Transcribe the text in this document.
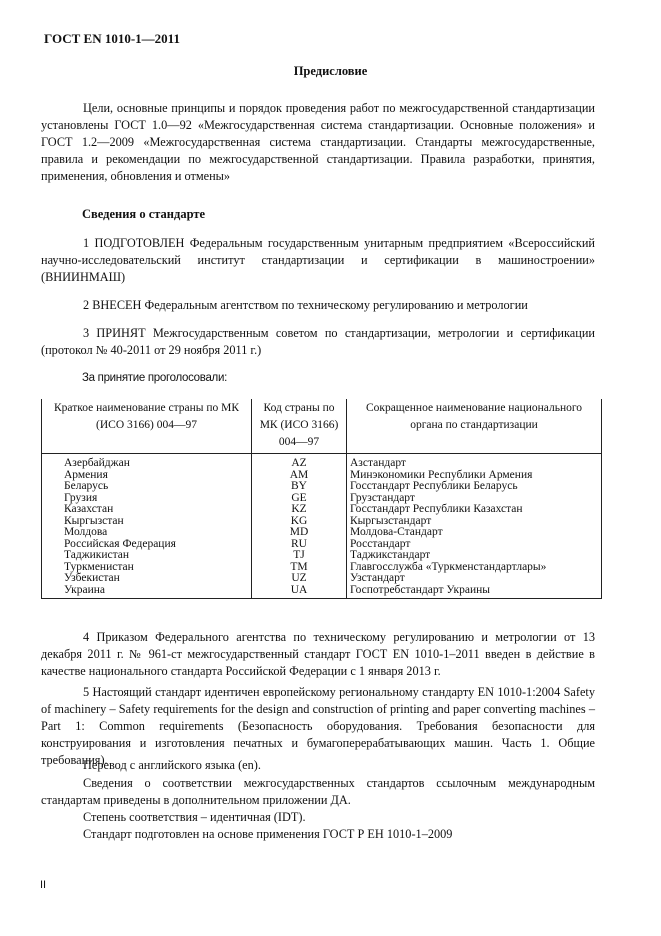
ГОСТ EN 1010-1—2011
Предисловие
Цели, основные принципы и порядок проведения работ по межгосударственной стандартизации установлены ГОСТ 1.0—92 «Межгосударственная система стандартизации. Основные положения» и ГОСТ 1.2—2009 «Межгосударственная система стандартизации. Стандарты межгосударственные, правила и рекомендации по межгосударственной стандартизации. Правила разработки, принятия, применения, обновления и отмены»
Сведения о стандарте
1 ПОДГОТОВЛЕН Федеральным государственным унитарным предприятием «Всероссийский научно-исследовательский институт стандартизации и сертификации в машиностроении» (ВНИИНМАШ)
2 ВНЕСЕН Федеральным агентством по техническому регулированию и метрологии
3 ПРИНЯТ Межгосударственным советом по стандартизации, метрологии и сертификации (протокол № 40-2011 от 29 ноября 2011 г.)
За принятие проголосовали:
Краткое наименование страны по МК (ИСО 3166) 004—97	Код страны по МК (ИСО 3166) 004—97	Сокращенное наименование национального органа по стандартизации
Азербайджан	AZ	Азстандарт
Армения	AM	Минэкономики Республики Армения
Беларусь	BY	Госстандарт Республики Беларусь
Грузия	GE	Грузстандарт
Казахстан	KZ	Госстандарт Республики Казахстан
Кыргызстан	KG	Кыргызстандарт
Молдова	MD	Молдова-Стандарт
Российская Федерация	RU	Росстандарт
Таджикистан	TJ	Таджикстандарт
Туркменистан	TM	Главгосслужба «Туркменстандартлары»
Узбекистан	UZ	Узстандарт
Украина	UA	Госпотребстандарт Украины
4 Приказом Федерального агентства по техническому регулированию и метрологии от 13 декабря 2011 г. № 961-ст межгосударственный стандарт ГОСТ EN 1010-1–2011 введен в действие в качестве национального стандарта Российской Федерации с 1 января 2013 г.
5 Настоящий стандарт идентичен европейскому региональному стандарту EN 1010-1:2004 Safety of machinery – Safety requirements for the design and construction of printing and paper converting machines – Part 1: Common requirements (Безопасность оборудования. Требования безопасности для конструирования и изготовления печатных и бумагоперерабатывающих машин. Часть 1. Общие требования).
Перевод с английского языка (en).
Сведения о соответствии межгосударственных стандартов ссылочным международным стандартам приведены в дополнительном приложении ДА.
Степень соответствия – идентичная (IDT).
Стандарт подготовлен на основе применения ГОСТ Р ЕН 1010-1–2009
II
